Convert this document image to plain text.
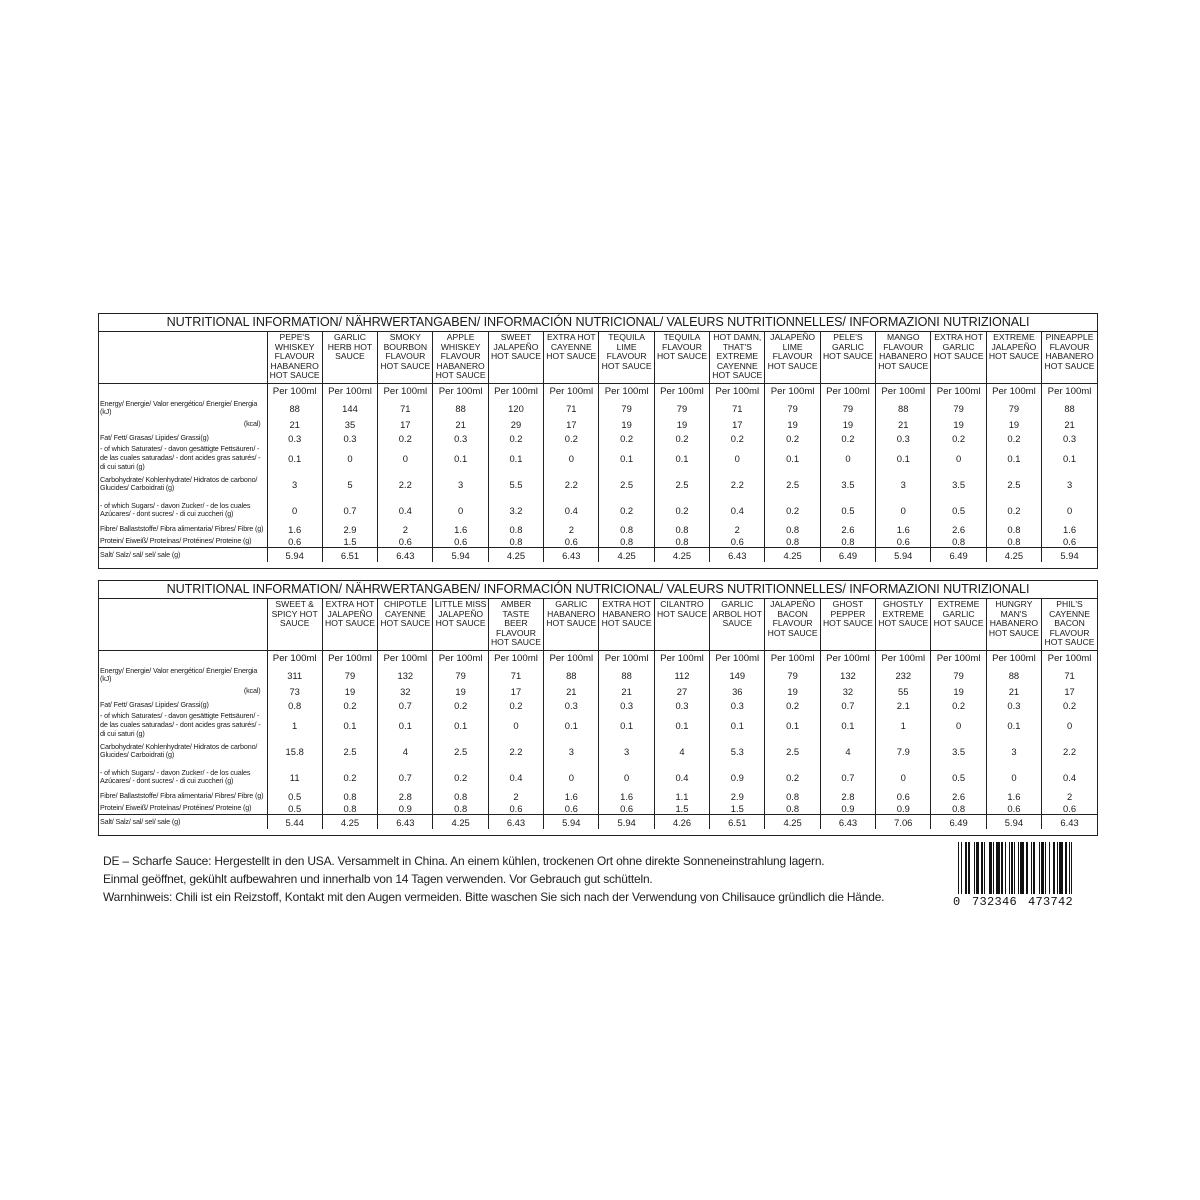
NUTRITIONAL INFORMATION/ NÄHRWERTANGABEN/ INFORMACIÓN NUTRICIONAL/ VALEURS NUTRITIONNELLES/ INFORMAZIONI NUTRIZIONALI

	PEPE'S WHISKEY FLAVOUR HABANERO HOT SAUCE	GARLIC HERB HOT SAUCE	SMOKY BOURBON FLAVOUR HOT SAUCE	APPLE WHISKEY FLAVOUR HABANERO HOT SAUCE	SWEET JALAPEÑO HOT SAUCE	EXTRA HOT CAYENNE HOT SAUCE	TEQUILA LIME FLAVOUR HOT SAUCE	TEQUILA FLAVOUR HOT SAUCE	HOT DAMN, THAT'S EXTREME CAYENNE HOT SAUCE	JALAPEÑO LIME FLAVOUR HOT SAUCE	PELE'S GARLIC HOT SAUCE	MANGO FLAVOUR HABANERO HOT SAUCE	EXTRA HOT GARLIC HOT SAUCE	EXTREME JALAPEÑO HOT SAUCE	PINEAPPLE FLAVOUR HABANERO HOT SAUCE

	Per 100ml	Per 100ml	Per 100ml	Per 100ml	Per 100ml	Per 100ml	Per 100ml	Per 100ml	Per 100ml	Per 100ml	Per 100ml	Per 100ml	Per 100ml	Per 100ml	Per 100ml
Energy/ Energie/ Valor energético/ Énergie/ Energia (kJ)	88	144	71	88	120	71	79	79	71	79	79	88	79	79	88
(kcal)	21	35	17	21	29	17	19	19	17	19	19	21	19	19	21
Fat/ Fett/ Grasas/ Lipides/ Grassi(g)	0.3	0.3	0.2	0.3	0.2	0.2	0.2	0.2	0.2	0.2	0.2	0.3	0.2	0.2	0.3
- of which Saturates/ - davon gesättigte Fettsäuren/ - de las cuales saturadas/ - dont acides gras saturés/ - di cui saturi (g)	0.1	0	0	0.1	0.1	0	0.1	0.1	0	0.1	0	0.1	0	0.1	0.1
Carbohydrate/ Kohlenhydrate/ Hidratos de carbono/ Glucides/ Carboidrati (g)	3	5	2.2	3	5.5	2.2	2.5	2.5	2.2	2.5	3.5	3	3.5	2.5	3
- of which Sugars/ - davon Zucker/ - de los cuales Azúcares/ - dont sucres/ - di cui zuccheri (g)	0	0.7	0.4	0	3.2	0.4	0.2	0.2	0.4	0.2	0.5	0	0.5	0.2	0
Fibre/ Ballaststoffe/ Fibra alimentaria/ Fibres/ Fibre (g)	1.6	2.9	2	1.6	0.8	2	0.8	0.8	2	0.8	2.6	1.6	2.6	0.8	1.6
Protein/ Eiweiß/ Proteínas/ Protéines/ Proteine (g)	0.6	1.5	0.6	0.6	0.8	0.6	0.8	0.8	0.6	0.8	0.8	0.6	0.8	0.8	0.6
Salt/ Salz/ sal/ sel/ sale (g)	5.94	6.51	6.43	5.94	4.25	6.43	4.25	4.25	6.43	4.25	6.49	5.94	6.49	4.25	5.94
NUTRITIONAL INFORMATION/ NÄHRWERTANGABEN/ INFORMACIÓN NUTRICIONAL/ VALEURS NUTRITIONNELLES/ INFORMAZIONI NUTRIZIONALI

	SWEET & SPICY HOT SAUCE	EXTRA HOT JALAPEÑO HOT SAUCE	CHIPOTLE CAYENNE HOT SAUCE	LITTLE MISS JALAPEÑO HOT SAUCE	AMBER TASTE BEER FLAVOUR HOT SAUCE	GARLIC HABANERO HOT SAUCE	EXTRA HOT HABANERO HOT SAUCE	CILANTRO HOT SAUCE	GARLIC ARBOL HOT SAUCE	JALAPEÑO BACON FLAVOUR HOT SAUCE	GHOST PEPPER HOT SAUCE	GHOSTLY EXTREME HOT SAUCE	EXTREME GARLIC HOT SAUCE	HUNGRY MAN'S HABANERO HOT SAUCE	PHIL'S CAYENNE BACON FLAVOUR HOT SAUCE

	Per 100ml	Per 100ml	Per 100ml	Per 100ml	Per 100ml	Per 100ml	Per 100ml	Per 100ml	Per 100ml	Per 100ml	Per 100ml	Per 100ml	Per 100ml	Per 100ml	Per 100ml
Energy/ Energie/ Valor energético/ Énergie/ Energia (kJ)	311	79	132	79	71	88	88	112	149	79	132	232	79	88	71
(kcal)	73	19	32	19	17	21	21	27	36	19	32	55	19	21	17
Fat/ Fett/ Grasas/ Lipides/ Grassi(g)	0.8	0.2	0.7	0.2	0.2	0.3	0.3	0.3	0.3	0.2	0.7	2.1	0.2	0.3	0.2
- of which Saturates/ - davon gesättigte Fettsäuren/ - de las cuales saturadas/ - dont acides gras saturés/ - di cui saturi (g)	1	0.1	0.1	0.1	0	0.1	0.1	0.1	0.1	0.1	0.1	1	0	0.1	0
Carbohydrate/ Kohlenhydrate/ Hidratos de carbono/ Glucides/ Carboidrati (g)	15.8	2.5	4	2.5	2.2	3	3	4	5.3	2.5	4	7.9	3.5	3	2.2
- of which Sugars/ - davon Zucker/ - de los cuales Azúcares/ - dont sucres/ - di cui zuccheri (g)	11	0.2	0.7	0.2	0.4	0	0	0.4	0.9	0.2	0.7	0	0.5	0	0.4
Fibre/ Ballaststoffe/ Fibra alimentaria/ Fibres/ Fibre (g)	0.5	0.8	2.8	0.8	2	1.6	1.6	1.1	2.9	0.8	2.8	0.6	2.6	1.6	2
Protein/ Eiweiß/ Proteínas/ Protéines/ Proteine (g)	0.5	0.8	0.9	0.8	0.6	0.6	0.6	1.5	1.5	0.8	0.9	0.9	0.8	0.6	0.6
Salt/ Salz/ sal/ sel/ sale (g)	5.44	4.25	6.43	4.25	6.43	5.94	5.94	4.26	6.51	4.25	6.43	7.06	6.49	5.94	6.43
DE – Scharfe Sauce: Hergestellt in den USA. Versammelt in China. An einem kühlen, trockenen Ort ohne direkte Sonneneinstrahlung lagern.
Einmal geöffnet, gekühlt aufbewahren und innerhalb von 14 Tagen verwenden. Vor Gebrauch gut schütteln.
Warnhinweis: Chili ist ein Reizstoff, Kontakt mit den Augen vermeiden. Bitte waschen Sie sich nach der Verwendung von Chilisauce gründlich die Hände.	0 732346 473742
